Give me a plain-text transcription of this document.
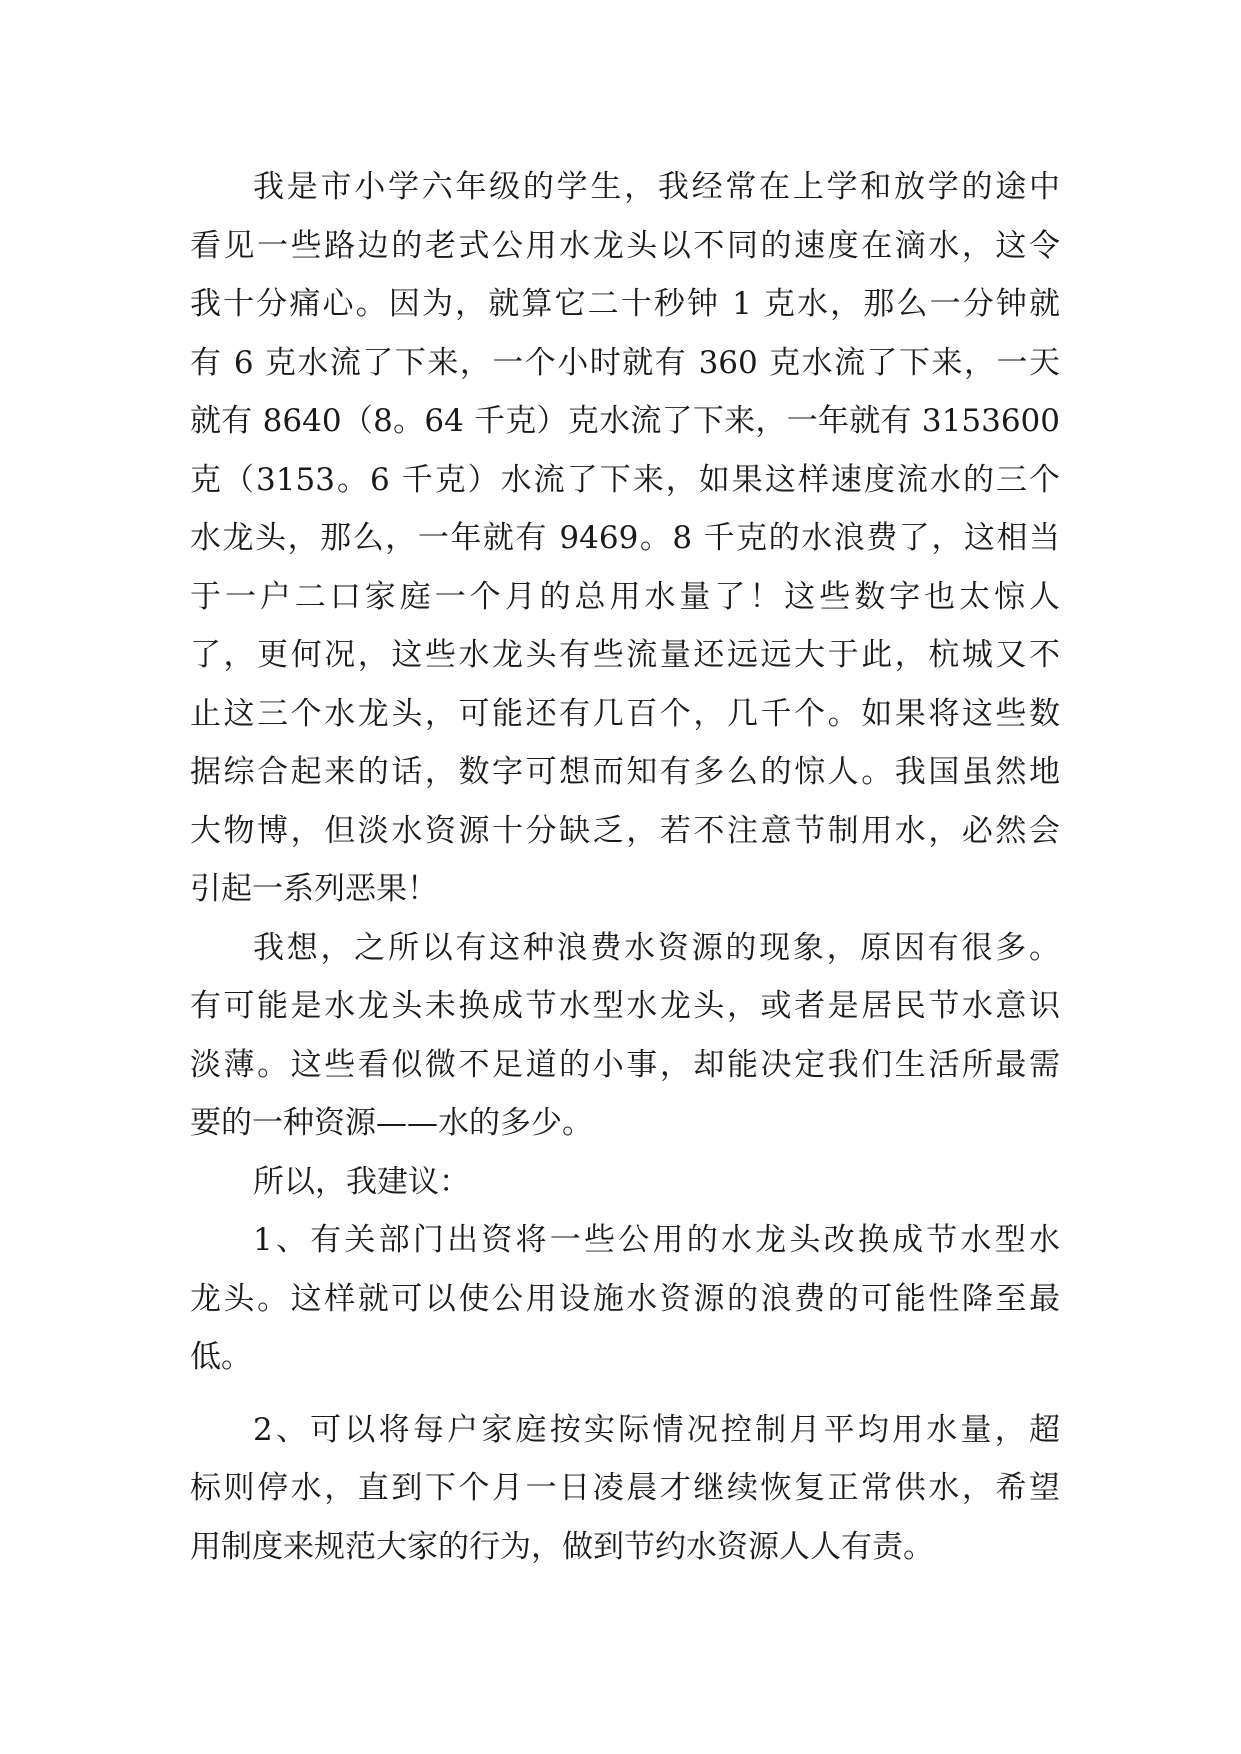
我是市小学六年级的学生，我经常在上学和放学的途中
看见一些路边的老式公用水龙头以不同的速度在滴水，这令
我十分痛心。因为，就算它二十秒钟 1 克水，那么一分钟就
有 6 克水流了下来，一个小时就有 360 克水流了下来，一天
就有 8640（8。64 千克）克水流了下来，一年就有 3153600
克（3153。6 千克）水流了下来，如果这样速度流水的三个
水龙头，那么，一年就有 9469。8 千克的水浪费了，这相当
于一户二口家庭一个月的总用水量了！这些数字也太惊人
了，更何况，这些水龙头有些流量还远远大于此，杭城又不
止这三个水龙头，可能还有几百个，几千个。如果将这些数
据综合起来的话，数字可想而知有多么的惊人。我国虽然地
大物博，但淡水资源十分缺乏，若不注意节制用水，必然会
引起一系列恶果！
我想，之所以有这种浪费水资源的现象，原因有很多。
有可能是水龙头未换成节水型水龙头，或者是居民节水意识
淡薄。这些看似微不足道的小事，却能决定我们生活所最需
要的一种资源——水的多少。
所以，我建议：
1、有关部门出资将一些公用的水龙头改换成节水型水
龙头。这样就可以使公用设施水资源的浪费的可能性降至最
低。
2、可以将每户家庭按实际情况控制月平均用水量，超
标则停水，直到下个月一日凌晨才继续恢复正常供水，希望
用制度来规范大家的行为，做到节约水资源人人有责。
